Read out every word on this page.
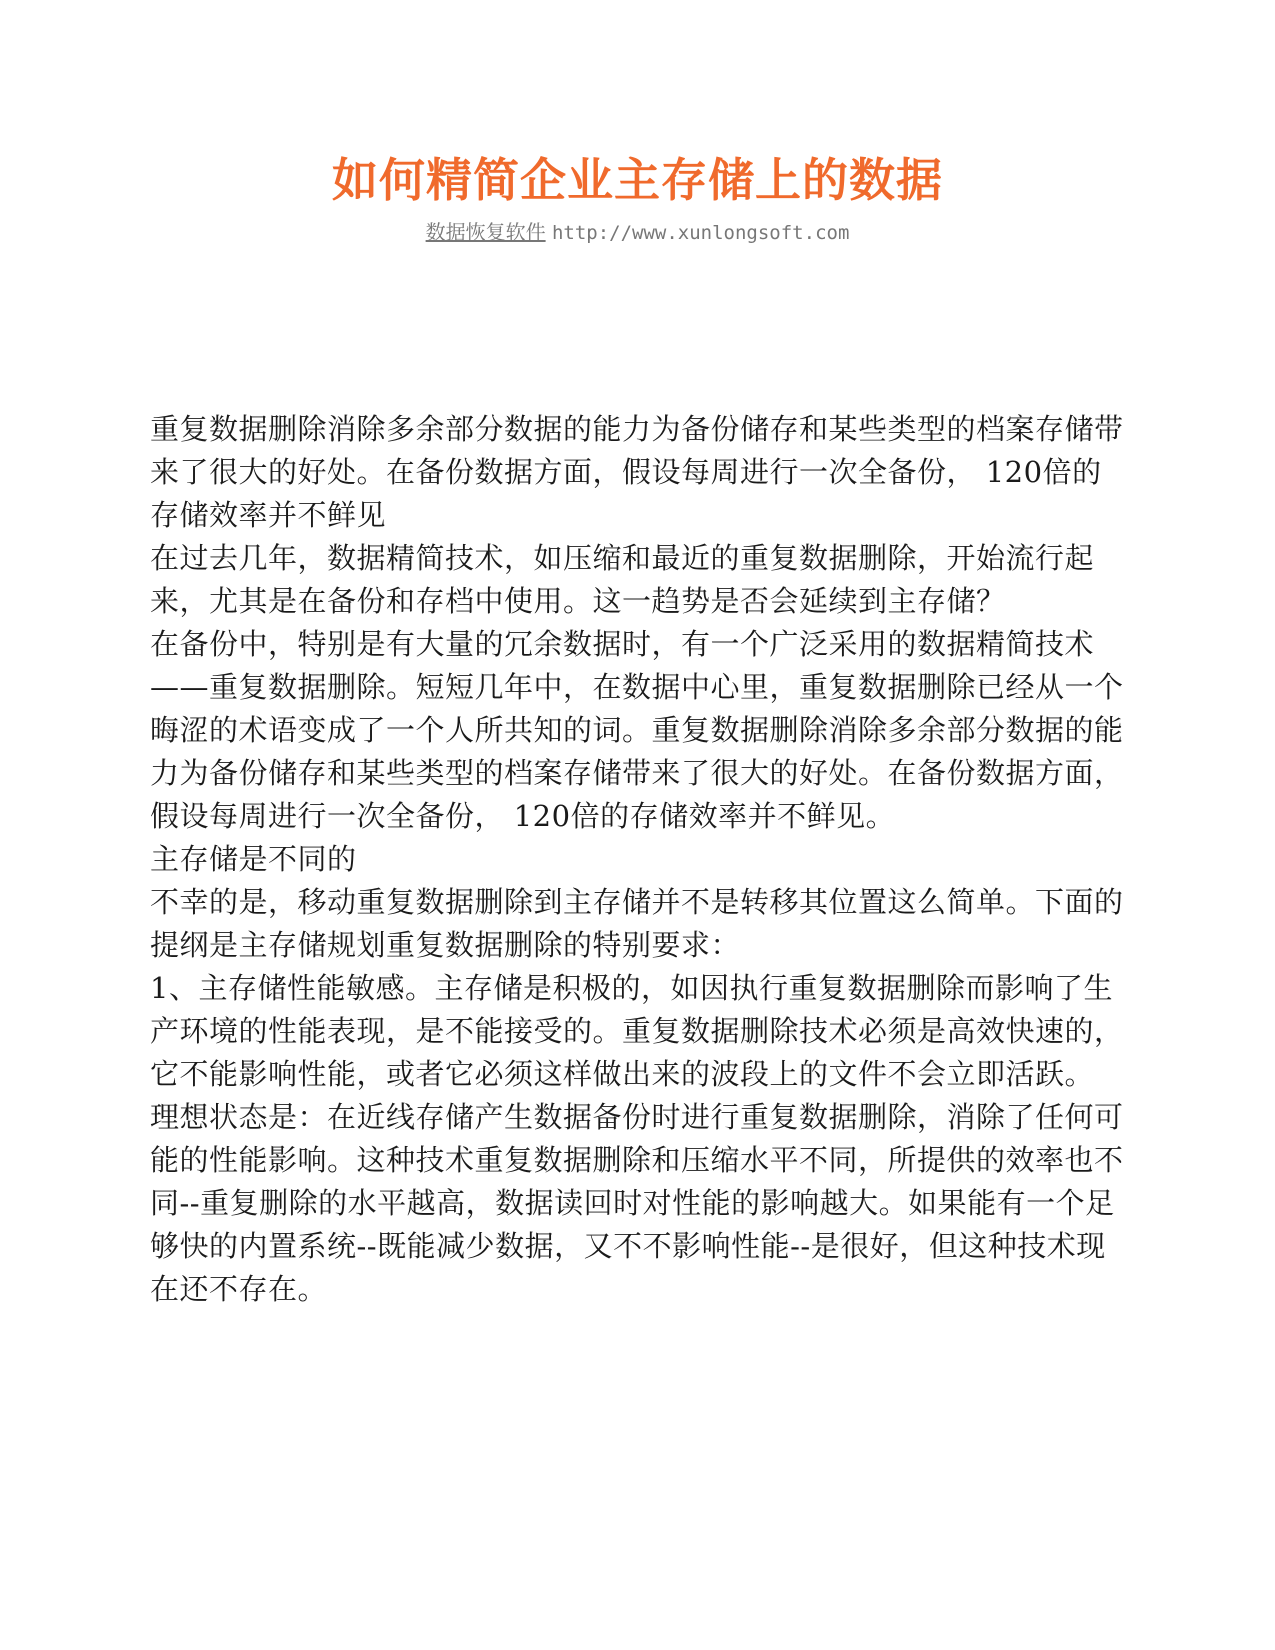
如何精简企业主存储上的数据
数据恢复软件 http://www.xunlongsoft.com

重复数据删除消除多余部分数据的能力为备份储存和某些类型的档案存储带来了很大的好处。在备份数据方面，假设每周进行一次全备份， 120倍的存储效率并不鲜见

在过去几年，数据精简技术，如压缩和最近的重复数据删除，开始流行起来，尤其是在备份和存档中使用。这一趋势是否会延续到主存储？

在备份中，特别是有大量的冗余数据时，有一个广泛采用的数据精简技术——重复数据删除。短短几年中，在数据中心里，重复数据删除已经从一个晦涩的术语变成了一个人所共知的词。重复数据删除消除多余部分数据的能力为备份储存和某些类型的档案存储带来了很大的好处。在备份数据方面，假设每周进行一次全备份， 120倍的存储效率并不鲜见。

主存储是不同的

不幸的是，移动重复数据删除到主存储并不是转移其位置这么简单。下面的提纲是主存储规划重复数据删除的特别要求：

1、主存储性能敏感。主存储是积极的，如因执行重复数据删除而影响了生产环境的性能表现，是不能接受的。重复数据删除技术必须是高效快速的，它不能影响性能，或者它必须这样做出来的波段上的文件不会立即活跃。

理想状态是：在近线存储产生数据备份时进行重复数据删除，消除了任何可能的性能影响。这种技术重复数据删除和压缩水平不同，所提供的效率也不同--重复删除的水平越高，数据读回时对性能的影响越大。如果能有一个足够快的内置系统--既能减少数据，又不不影响性能--是很好，但这种技术现在还不存在。
